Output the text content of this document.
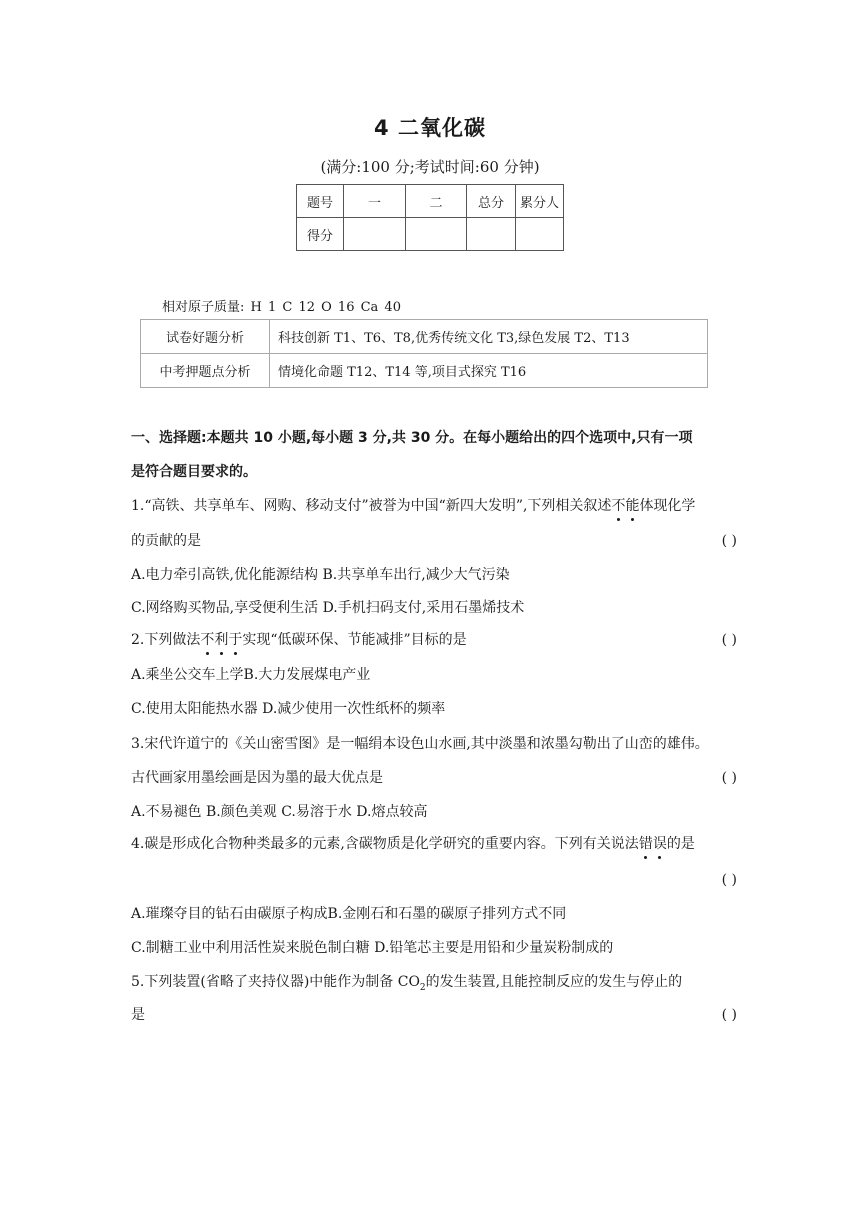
4 二氧化碳
(满分:100 分;考试时间:60 分钟)
题号	一	二	总分	累分人
得分				
相对原子质量: H 1 C 12 O 16 Ca 40
试卷好题分析	科技创新 T1、T6、T8,优秀传统文化 T3,绿色发展 T2、T13
中考押题点分析	情境化命题 T12、T14 等,项目式探究 T16
一、选择题:本题共 10 小题,每小题 3 分,共 30 分。在每小题给出的四个选项中,只有一项
是符合题目要求的。
1.“高铁、共享单车、网购、移动支付”被誉为中国“新四大发明”,下列相关叙述不能体现化学
的贡献的是	( )
A.电力牵引高铁,优化能源结构 B.共享单车出行,减少大气污染
C.网络购买物品,享受便利生活 D.手机扫码支付,采用石墨烯技术
2.下列做法不利于实现“低碳环保、节能减排”目标的是	( )
A.乘坐公交车上学B.大力发展煤电产业
C.使用太阳能热水器 D.减少使用一次性纸杯的频率
3.宋代许道宁的《关山密雪图》是一幅绢本设色山水画,其中淡墨和浓墨勾勒出了山峦的雄伟。
古代画家用墨绘画是因为墨的最大优点是	( )
A.不易褪色 B.颜色美观 C.易溶于水 D.熔点较高
4.碳是形成化合物种类最多的元素,含碳物质是化学研究的重要内容。下列有关说法错误的是
( )
A.璀璨夺目的钻石由碳原子构成B.金刚石和石墨的碳原子排列方式不同
C.制糖工业中利用活性炭来脱色制白糖 D.铅笔芯主要是用铅和少量炭粉制成的
5.下列装置(省略了夹持仪器)中能作为制备 $CO_2$的发生装置,且能控制反应的发生与停止的
是	( )
